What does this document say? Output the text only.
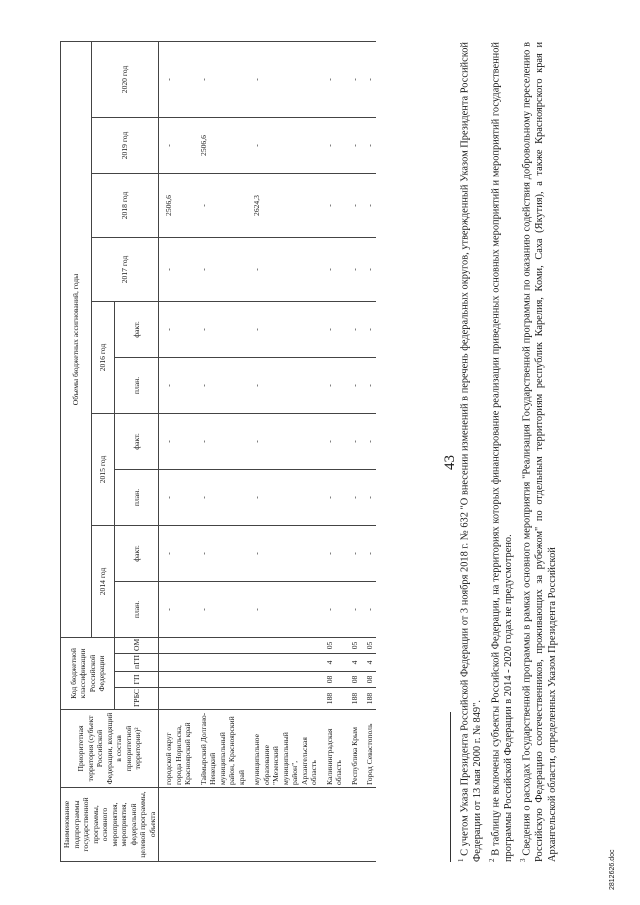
43
Наименование подпрограммы государственной программы, основного мероприятия, мероприятия, федеральной целевой программы, объекта	Приоритетная территория (субъект Российской Федерации, входящий в состав приоритетной территории)²	Код бюджетной классификации Российской Федерации				Объемы бюджетных ассигнований, годы									
						2014 год		2015 год		2016 год		2017 год	2018 год	2019 год	2020 год
		ГРБС	ГП	пГП	ОМ	план.	факт.	план.	факт.	план.	факт.				

	городской округ города Норильска, Красноярский край					-	-	-	-	-	-	-	2506,6	-	-
	Таймырский Долгано-Ненецкий муниципальный район, Красноярский край					-	-	-	-	-	-	-	-	2506,6	-
	муниципальное образование "Мезенский муниципальный район", Архангельская область					-	-	-	-	-	-	-	2624,3	-	-
	Калининградская область	188	08	4	05	-	-	-	-	-	-	-	-	-	-
	Республика Крым	188	08	4	05	-	-	-	-	-	-	-	-	-	-
	Город Севастополь	188	08	4	05	-	-	-	-	-	-	-	-	-	-

$^1$ С учетом Указа Президента Российской Федерации от 3 ноября 2018 г. № 632 "О внесении изменений в перечень федеральных округов, утвержденный Указом Президента Российской Федерации от 13 мая 2000 г. № 849". $^2$ В таблицу не включены субъекты Российской Федерации, на территориях которых финансирование реализации приведенных основных мероприятий и мероприятий государственной программы Российской Федерации в 2014 - 2020 годах не предусмотрено. $^3$ Сведения о расходах Государственной программы в рамках основного мероприятия "Реализация Государственной программы по оказанию содействия добровольному переселению в Российскую Федерацию соотечественников, проживающих за рубежом" по отдельным территориям республик Карелия, Коми, Саха (Якутия), а также Красноярского края и Архангельской области, определенных Указом Президента Российской

2812626.doc
